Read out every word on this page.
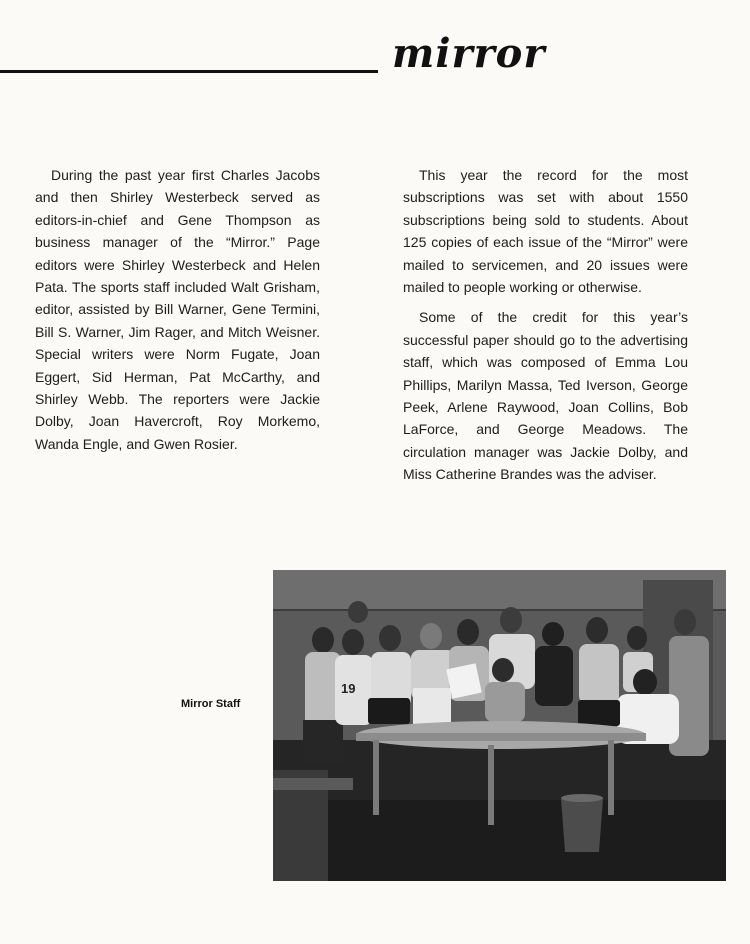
mirror

During the past year first Charles Jacobs and then Shirley Westerbeck served as editors-in-chief and Gene Thompson as business manager of the “Mirror.” Page editors were Shirley Westerbeck and Helen Pata. The sports staff included Walt Grisham, editor, assisted by Bill Warner, Gene Termini, Bill S. Warner, Jim Rager, and Mitch Weisner. Special writers were Norm Fugate, Joan Eggert, Sid Herman, Pat McCarthy, and Shirley Webb. The reporters were Jackie Dolby, Joan Havercroft, Roy Morkemo, Wanda Engle, and Gwen Rosier.

This year the record for the most subscriptions was set with about 1550 subscriptions being sold to students. About 125 copies of each issue of the “Mirror” were mailed to servicemen, and 20 issues were mailed to people working or otherwise.

Some of the credit for this year’s successful paper should go to the advertising staff, which was composed of Emma Lou Phillips, Marilyn Massa, Ted Iverson, George Peek, Arlene Raywood, Joan Collins, Bob LaForce, and George Meadows. The circulation manager was Jackie Dolby, and Miss Catherine Brandes was the adviser.

Mirror Staff
19
